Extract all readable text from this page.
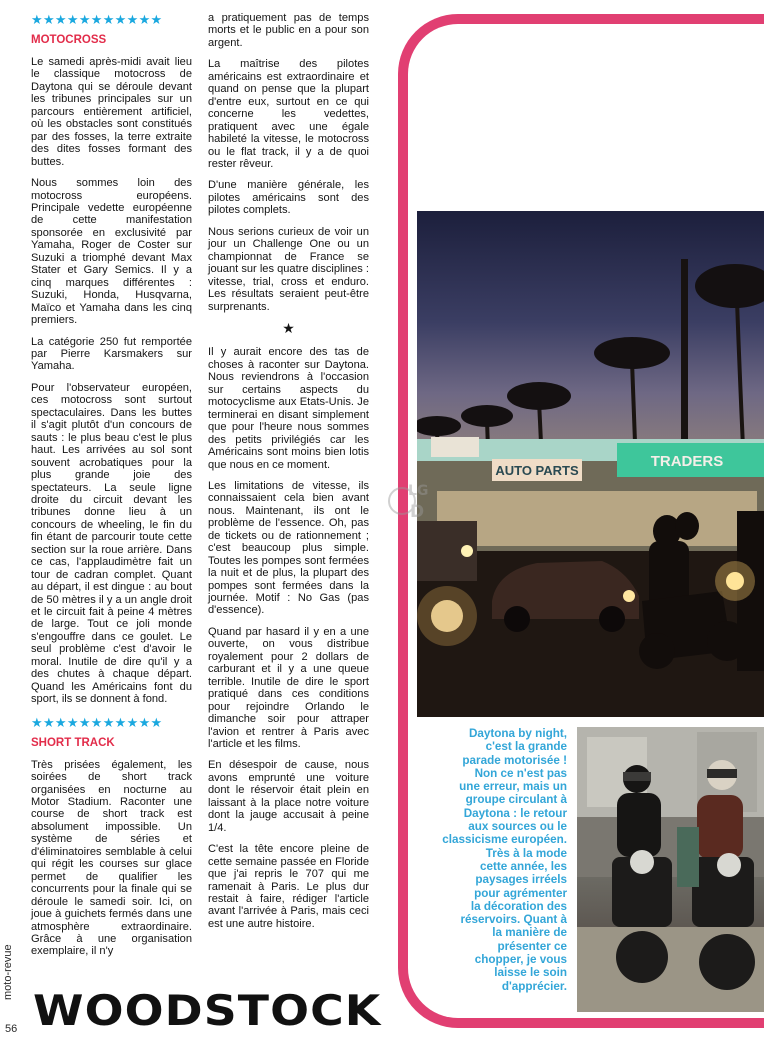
moto-revue
56 WOODSTOCK
★★★★★★★★★★★
MOTOCROSS

Le samedi après-midi avait lieu le classique motocross de Daytona qui se déroule devant les tribunes principales sur un parcours entièrement artificiel, où les obstacles sont constitués par des fosses, la terre extraite des dites fosses formant des buttes.

Nous sommes loin des motocross européens. Principale vedette européenne de cette manifestation sponsorée en exclusivité par Yamaha, Roger de Coster sur Suzuki a triomphé devant Max Stater et Gary Semics. Il y a cinq marques différentes : Suzuki, Honda, Husqvarna, Maïco et Yamaha dans les cinq premiers.

La catégorie 250 fut remportée par Pierre Karsmakers sur Yamaha.

Pour l'observateur européen, ces motocross sont surtout spectaculaires. Dans les buttes il s'agit plutôt d'un concours de sauts : le plus beau c'est le plus haut. Les arrivées au sol sont souvent acrobatiques pour la plus grande joie des spectateurs. La seule ligne droite du circuit devant les tribunes donne lieu à un concours de wheeling, le fin du fin étant de parcourir toute cette section sur la roue arrière. Dans ce cas, l'applaudimètre fait un tour de cadran complet. Quant au départ, il est dingue : au bout de 50 mètres il y a un angle droit et le circuit fait à peine 4 mètres de large. Tout ce joli monde s'engouffre dans ce goulet. Le seul problème c'est d'avoir le moral. Inutile de dire qu'il y a des chutes à chaque départ. Quand les Américains font du sport, ils se donnent à fond.

★★★★★★★★★★★
SHORT TRACK

Très prisées également, les soirées de short track organisées en nocturne au Motor Stadium. Raconter une course de short track est absolument impossible. Un système de séries et d'éliminatoires semblable à celui qui régit les courses sur glace permet de qualifier les concurrents pour la finale qui se déroule le samedi soir. Ici, on joue à guichets fermés dans une atmosphère extraordinaire. Grâce à une organisation exemplaire, il n'y

a pratiquement pas de temps morts et le public en a pour son argent.

La maîtrise des pilotes américains est extraordinaire et quand on pense que la plupart d'entre eux, surtout en ce qui concerne les vedettes, pratiquent avec une égale habileté la vitesse, le motocross ou le flat track, il y a de quoi rester rêveur.

D'une manière générale, les pilotes américains sont des pilotes complets.

Nous serions curieux de voir un jour un Challenge One ou un championnat de France se jouant sur les quatre disciplines : vitesse, trial, cross et enduro. Les résultats seraient peut-être surprenants.

★

Il y aurait encore des tas de choses à raconter sur Daytona. Nous reviendrons à l'occasion sur certains aspects du motocyclisme aux Etats-Unis. Je terminerai en disant simplement que pour l'heure nous sommes des petits privilégiés car les Américains sont moins bien lotis que nous en ce moment.

Les limitations de vitesse, ils connaissaient cela bien avant nous. Maintenant, ils ont le problème de l'essence. Oh, pas de tickets ou de rationnement ; c'est beaucoup plus simple. Toutes les pompes sont fermées la nuit et de plus, la plupart des pompes sont fermées dans la journée. Motif : No Gas (pas d'essence).

Quand par hasard il y en a une ouverte, on vous distribue royalement pour 2 dollars de carburant et il y a une queue terrible. Inutile de dire le sport pratiqué dans ces conditions pour rejoindre Orlando le dimanche soir pour attraper l'avion et rentrer à Paris avec l'article et les films.

En désespoir de cause, nous avons emprunté une voiture dont le réservoir était plein en laissant à la place notre voiture dont la jauge accusait à peine 1/4.

C'est la tête encore pleine de cette semaine passée en Floride que j'ai repris le 707 qui me ramenait à Paris. Le plus dur restait à faire, rédiger l'article avant l'arrivée à Paris, mais ceci est une autre histoire.

AUTO PARTS
TRADERS
LG
D
Daytona by night,
c'est la grande
parade motorisée !
Non ce n'est pas
une erreur, mais un
groupe circulant à
Daytona : le retour
aux sources ou le
classicisme européen.
Très à la mode
cette année, les
paysages irréels
pour agrémenter
la décoration des
réservoirs. Quant à
la manière de
présenter ce
chopper, je vous
laisse le soin
d'apprécier.
